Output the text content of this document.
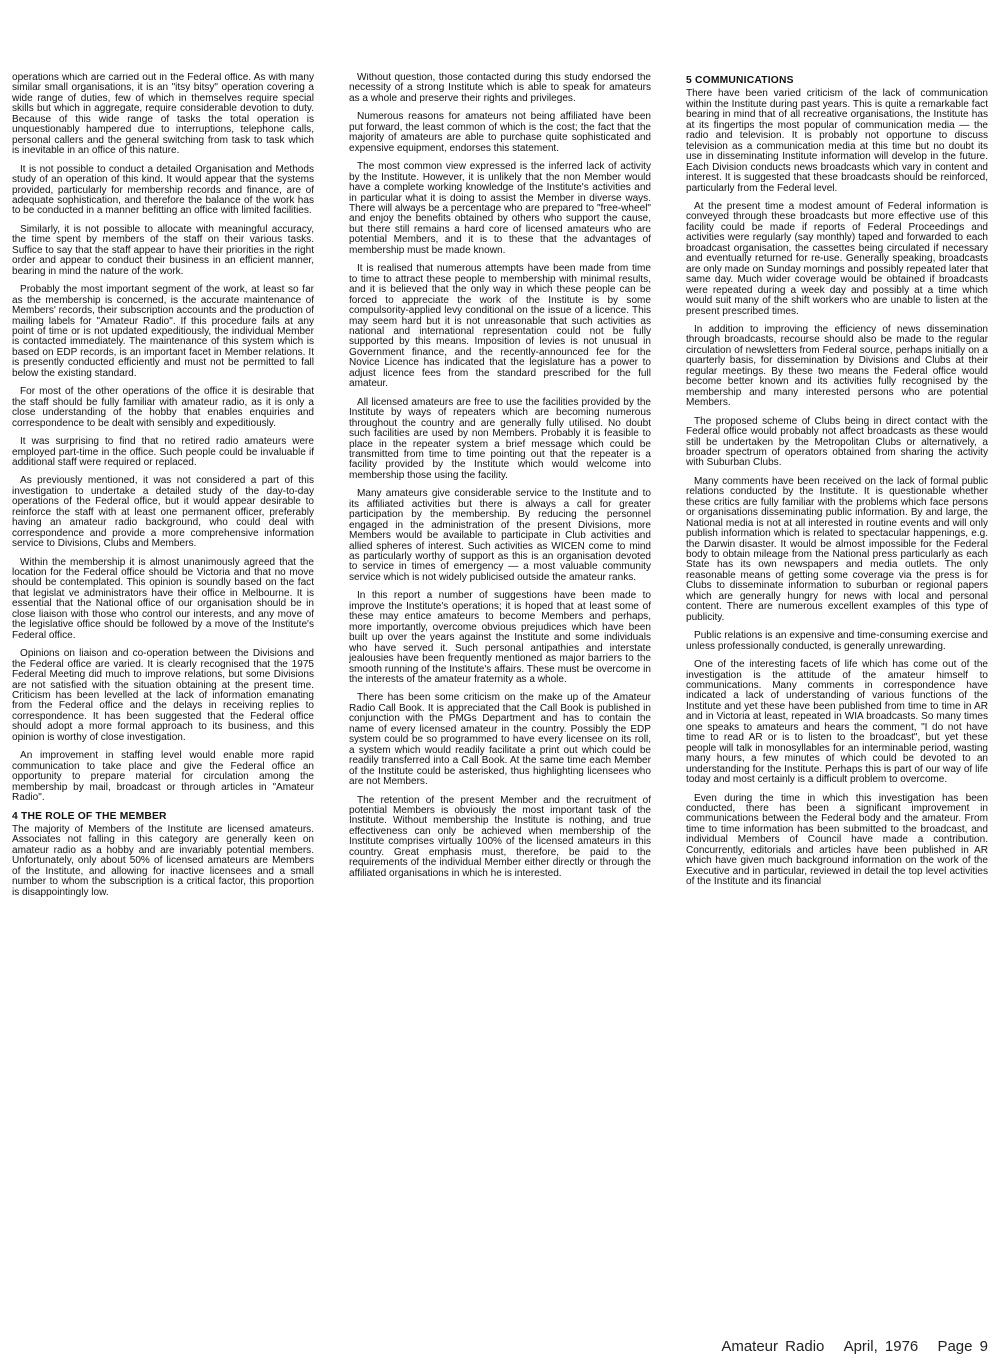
operations which are carried out in the Federal office. As with many similar small organisations, it is an "itsy bitsy" operation covering a wide range of duties, few of which in themselves require special skills but which in aggregate, require considerable devotion to duty. Because of this wide range of tasks the total operation is unquestionably hampered due to interruptions, telephone calls, personal callers and the general switching from task to task which is inevitable in an office of this nature.

It is not possible to conduct a detailed Organisation and Methods study of an operation of this kind. It would appear that the systems provided, particularly for membership records and finance, are of adequate sophistication, and therefore the balance of the work has to be conducted in a manner befitting an office with limited facilities.

Similarly, it is not possible to allocate with meaningful accuracy, the time spent by members of the staff on their various tasks. Suffice to say that the staff appear to have their priorities in the right order and appear to conduct their business in an efficient manner, bearing in mind the nature of the work.

Probably the most important segment of the work, at least so far as the membership is concerned, is the accurate maintenance of Members' records, their subscription accounts and the production of mailing labels for "Amateur Radio". If this procedure fails at any point of time or is not updated expeditiously, the individual Member is contacted immediately. The maintenance of this system which is based on EDP records, is an important facet in Member relations. It is presently conducted efficiently and must not be permitted to fall below the existing standard.

For most of the other operations of the office it is desirable that the staff should be fully familiar with amateur radio, as it is only a close understanding of the hobby that enables enquiries and correspondence to be dealt with sensibly and expeditiously.

It was surprising to find that no retired radio amateurs were employed part-time in the office. Such people could be invaluable if additional staff were required or replaced.

As previously mentioned, it was not considered a part of this investigation to undertake a detailed study of the day-to-day operations of the Federal office, but it would appear desirable to reinforce the staff with at least one permanent officer, preferably having an amateur radio background, who could deal with correspondence and provide a more comprehensive information service to Divisions, Clubs and Members.

Within the membership it is almost unanimously agreed that the location for the Federal office should be Victoria and that no move should be contemplated. This opinion is soundly based on the fact that legislat ve administrators have their office in Melbourne. It is essential that the National office of our organisation should be in close liaison with those who control our interests, and any move of the legislative office should be followed by a move of the Institute's Federal office.

Opinions on liaison and co-operation between the Divisions and the Federal office are varied. It is clearly recognised that the 1975 Federal Meeting did much to improve relations, but some Divisions are not satisfied with the situation obtaining at the present time. Criticism has been levelled at the lack of information emanating from the Federal office and the delays in receiving replies to correspondence. It has been suggested that the Federal office should adopt a more formal approach to its business, and this opinion is worthy of close investigation.

An improvement in staffing level would enable more rapid communication to take place and give the Federal office an opportunity to prepare material for circulation among the membership by mail, broadcast or through articles in "Amateur Radio".

4 THE ROLE OF THE MEMBER

The majority of Members of the Institute are licensed amateurs. Associates not falling in this category are generally keen on amateur radio as a hobby and are invariably potential members. Unfortunately, only about 50% of licensed amateurs are Members of the Institute, and allowing for inactive licensees and a small number to whom the subscription is a critical factor, this proportion is disappointingly low.

Without question, those contacted during this study endorsed the necessity of a strong Institute which is able to speak for amateurs as a whole and preserve their rights and privileges.

Numerous reasons for amateurs not being affiliated have been put forward, the least common of which is the cost; the fact that the majority of amateurs are able to purchase quite sophisticated and expensive equipment, endorses this statement.

The most common view expressed is the inferred lack of activity by the Institute. However, it is unlikely that the non Member would have a complete working knowledge of the Institute's activities and in particular what it is doing to assist the Member in diverse ways. There will always be a percentage who are prepared to "free-wheel" and enjoy the benefits obtained by others who support the cause, but there still remains a hard core of licensed amateurs who are potential Members, and it is to these that the advantages of membership must be made known.

It is realised that numerous attempts have been made from time to time to attract these people to membership with minimal results, and it is believed that the only way in which these people can be forced to appreciate the work of the Institute is by some compulsority-applied levy conditional on the issue of a licence. This may seem hard but it is not unreasonable that such activities as national and international representation could not be fully supported by this means. Imposition of levies is not unusual in Government finance, and the recently-announced fee for the Novice Licence has indicated that the legislature has a power to adjust licence fees from the standard prescribed for the full amateur.

All licensed amateurs are free to use the facilities provided by the Institute by ways of repeaters which are becoming numerous throughout the country and are generally fully utilised. No doubt such facilities are used by non Members. Probably it is feasible to place in the repeater system a brief message which could be transmitted from time to time pointing out that the repeater is a facility provided by the Institute which would welcome into membership those using the facility.

Many amateurs give considerable service to the Institute and to its affiliated activities but there is always a call for greater participation by the membership. By reducing the personnel engaged in the administration of the present Divisions, more Members would be available to participate in Club activities and allied spheres of interest. Such activities as WICEN come to mind as particularly worthy of support as this is an organisation devoted to service in times of emergency — a most valuable community service which is not widely publicised outside the amateur ranks.

In this report a number of suggestions have been made to improve the Institute's operations; it is hoped that at least some of these may entice amateurs to become Members and perhaps, more importantly, overcome obvious prejudices which have been built up over the years against the Institute and some individuals who have served it. Such personal antipathies and interstate jealousies have been frequently mentioned as major barriers to the smooth running of the Institute's affairs. These must be overcome in the interests of the amateur fraternity as a whole.

There has been some criticism on the make up of the Amateur Radio Call Book. It is appreciated that the Call Book is published in conjunction with the PMGs Department and has to contain the name of every licensed amateur in the country. Possibly the EDP system could be so programmed to have every licensee on its roll, a system which would readily facilitate a print out which could be readily transferred into a Call Book. At the same time each Member of the Institute could be asterisked, thus highlighting licensees who are not Members.

The retention of the present Member and the recruitment of potential Members is obviously the most important task of the Institute. Without membership the Institute is nothing, and true effectiveness can only be achieved when membership of the Institute comprises virtually 100% of the licensed amateurs in this country. Great emphasis must, therefore, be paid to the requirements of the individual Member either directly or through the affiliated organisations in which he is interested.

5 COMMUNICATIONS

There have been varied criticism of the lack of communication within the Institute during past years. This is quite a remarkable fact bearing in mind that of all recreative organisations, the Institute has at its fingertips the most popular of communication media — the radio and television. It is probably not opportune to discuss television as a communication media at this time but no doubt its use in disseminating Institute information will develop in the future. Each Division conducts news broadcasts which vary in content and interest. It is suggested that these broadcasts should be reinforced, particularly from the Federal level.

At the present time a modest amount of Federal information is conveyed through these broadcasts but more effective use of this facility could be made if reports of Federal Proceedings and activities were regularly (say monthly) taped and forwarded to each broadcast organisation, the cassettes being circulated if necessary and eventually returned for re-use. Generally speaking, broadcasts are only made on Sunday mornings and possibly repeated later that same day. Much wider coverage would be obtained if broadcasts were repeated during a week day and possibly at a time which would suit many of the shift workers who are unable to listen at the present prescribed times.

In addition to improving the efficiency of news dissemination through broadcasts, recourse should also be made to the regular circulation of newsletters from Federal source, perhaps initially on a quarterly basis, for dissemination by Divisions and Clubs at their regular meetings. By these two means the Federal office would become better known and its activities fully recognised by the membership and many interested persons who are potential Members.

The proposed scheme of Clubs being in direct contact with the Federal office would probably not affect broadcasts as these would still be undertaken by the Metropolitan Clubs or alternatively, a broader spectrum of operators obtained from sharing the activity with Suburban Clubs.

Many comments have been received on the lack of formal public relations conducted by the Institute. It is questionable whether these critics are fully familiar with the problems which face persons or organisations disseminating public information. By and large, the National media is not at all interested in routine events and will only publish information which is related to spectacular happenings, e.g. the Darwin disaster. It would be almost impossible for the Federal body to obtain mileage from the National press particularly as each State has its own newspapers and media outlets. The only reasonable means of getting some coverage via the press is for Clubs to disseminate information to suburban or regional papers which are generally hungry for news with local and personal content. There are numerous excellent examples of this type of publicity.

Public relations is an expensive and time-consuming exercise and unless professionally conducted, is generally unrewarding.

One of the interesting facets of life which has come out of the investigation is the attitude of the amateur himself to communications. Many comments in correspondence have indicated a lack of understanding of various functions of the Institute and yet these have been published from time to time in AR and in Victoria at least, repeated in WIA broadcasts. So many times one speaks to amateurs and hears the comment, "I do not have time to read AR or is to listen to the broadcast", but yet these people will talk in monosyllables for an interminable period, wasting many hours, a few minutes of which could be devoted to an understanding for the Institute. Perhaps this is part of our way of life today and most certainly is a difficult problem to overcome.

Even during the time in which this investigation has been conducted, there has been a significant improvement in communications between the Federal body and the amateur. From time to time information has been submitted to the broadcast, and individual Members of Council have made a contribution. Concurrently, editorials and articles have been published in AR which have given much background information on the work of the Executive and in particular, reviewed in detail the top level activities of the Institute and its financial

Amateur Radio April, 1976 Page 9
